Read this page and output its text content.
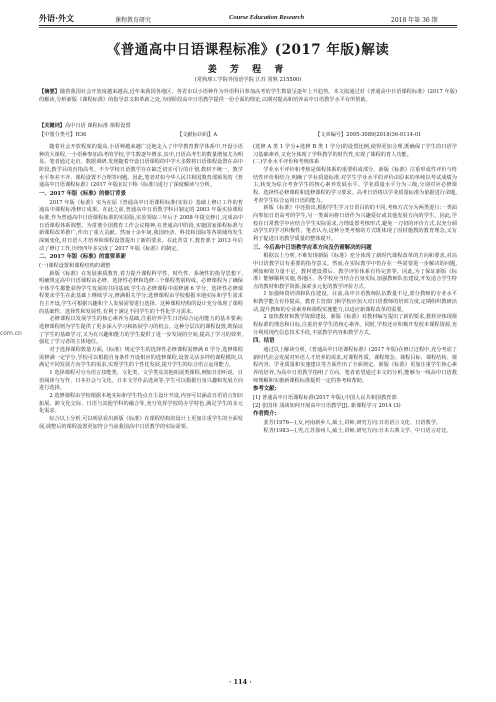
外语·外文	课程教育研究	Course Education Research	2018 年第 36 期
《普通高中日语课程标准》(2017 年版)解读
姜 芳 程 青
(常熟理工学院外国语学院 江苏 常熟 215500)
【摘要】随着我国社会开放度越来越高,近年来我国各地区、各省市以小语种作为外语科目参加高考的学生数量呈逐年上升趋势。本文拟通过对《普通高中日语课程标准》(2017 年版)的解读,分析新版《课程标准》的指导意义和革新之处,为现阶段高中日语教学提供一份全面的理论,以期对提高和培养高中日语教学水平有所帮助。
【关键词】高中日语 课程标准 课程设置
【中图分类号】H36	【文献标识码】A	【文章编号】2095-3089(2018)36-0114-01

随着社会开放程度的提高,小语种越来越广泛地走入了中学教育教学体系中,开设小语种的大课程,一小语种参加高考的学校,学生数逐年增多,其中,日语高考生的数量增加尤为明显。笔者通过走访、数据调研,发现随着开设日语课程的中学大多数将日语课程设置在高中阶段,教学目的直指高考。不少学校日语教学存在缺乏切实可行的计划,教材不统一、教学水平参差不齐、课程设置不合理等问题。因此,笔者对如今华人民共和国教育部颁发的《普通高中日语课程标准》(2017 年版)(以下称《标准》)进行了深度解读与分析。

一、2017 年版《标准》的修订背景

2017 年版《标准》实为在原《普通高中日语课程标准(实验)》基础上修订工作的普通高中课程标准修订成果。在此之前,普通高中日语教学科目制定的 2003 年版实验课程标准,作为普通高中日语课程标准的实验版,实验领取三年后于 2008 年提交修订,完成高中日语课程体系调整。为贯彻全国教育工作会议精神,在普通高中阶段,实施国家课程标准与新课程改革推广,作出了重大贡献。然而十余年间,我国经济、科技和国际等各领域均发生深刻变化,对日语人才培养和课程设置提出了新的要求。在此背景下,教育部于 2013 年启动了修订工作,历经四年多完成了 2017 年版《标准》的制定。

二、2017 年版《标准》的重要革新

(一)课程设置和课程结构的调整

新版《标准》在发展素质教育,着力提升课程科学性、时代性、系统性的指导思想下,明确规定高中日语课程由必修、选择性必修和选修三个课程类别构成。必修课程为了确保全体学生都能获得学生发展的共同基础,学生在必修课程中需修满 6 学分。选择性必修课程要求学生在此基础上继续学习,修满相关学分;选修课程由学校根据本地实际和学生需求自主开设,学生可根据兴趣和个人发展需要进行选择。这种课程结构的设计充分体现了课程的基础性、选择性和发展性,有利于满足不同学生的个性化学习需求。

必修课程以发展学生的核心素养为基础,注重培养学生日语综合运用能力的基本要素;选修课程则为学生提供了更多深入学习和拓展学习的机会。这种分层次的课程设置,既保证了学生的基础学习,又为有兴趣和能力的学生提供了进一步发展的空间,提高了学习的效率,强化了学习者的主体地位。

对于选择课程数量方面,《标准》规定学生的选择性必修课程需修满 6 学分,选修课程需修满一定学分,学校可以根据自身条件开设相应的选修课程,设置灵活多样的课程模块,以满足不同发展方向学生的需求,实现学生的个性化发展,提升学生的综合语言运用能力。

1 选择课程可分为语言技能类、文化类、文学类及其他拓展类课程,例如日语听说、日语阅读与写作、日本社会与文化、日本文学作品选读等,学生可以根据自身兴趣和发展方向进行选择。

2 选修课程由学校根据本地实际和学生特点自主设计开设,内容可以涵盖日语语言知识拓展、跨文化交际、日语与其他学科的融合等,充分发挥学校的办学特色,满足学生的多元化需求。

综合以上分析,可以明显看出新版《标准》在课程结构的设计上更加注重学生的全面发展,调整后的课程设置更加符合当前我国高中日语教学的实际需要。

(选修 A 类 1 学分+选修 B 类 1 学分)的设置比例,使得更加合理,既确保了学生的日语学习基础素养,又充分体现了学科教学的时代性,实现了课程的育人功能。

(二)学业水平评价和考核体系

学业水平评价和考核是课程体系的重要组成部分。新版《标准》注重形成性评价与终结性评价相结合,明确了学业质量标准,对学生学业水平的评价由原来的单纯以考试成绩为主,转变为综合考查学生的核心素养发展水平。学业质量水平分为三级,分别对应必修课程、选择性必修课程和选修课程的学习要求。高考日语将以学业质量标准为依据进行命题,考查学生综合运用日语的能力。

新版《标准》中还指出,根据学生学习日语目的的不同,考核方式分为两类进行:一类面向参加日语高考的学生,另一类面向将日语作为兴趣爱好或其他发展方向的学生。因此,学校在日常教学中应结合学生实际需求,合理设置考核形式,避免一刀切的评价方式,以充分调动学生的学习积极性。笔者认为,这种分类考核的方式既体现了因材施教的教育理念,又有利于促进日语教学质量的整体提升。

三、今后高中日语教学应革方向及仍需解决的问题

根据以上分析,不难发现新版《标准》充分体现了新时代课程改革的方向和要求,对高中日语教学具有重要的指导意义。然而,在实际教学中仍存在一些需要进一步解决的问题,例如师资力量不足、教材建设滞后、教学评价体系有待完善等。因此,为了保证新版《标准》能够顺利实施,各地区、各学校应当结合自身实际,加强教师队伍建设,开发适合学生特点的教材和教学资源,探索多元化的教学评价方式。

1 加强师资培训和队伍建设。目前,高中日语教师队伍数量不足,部分教师的专业水平和教学能力有待提高。教育主管部门和学校应加大对日语教师的培训力度,定期组织教研活动,提升教师的专业素养和课程实施能力,以适应新课程改革的需要。

2 加快教材和教学资源建设。新版《标准》对教材编写提出了新的要求,教材应体现课程标准的理念和目标,注重培养学生的核心素养。同时,学校还应积极开发校本课程资源,充分利用现代信息技术手段,丰富教学内容和教学方式。

四、结语

通过以上解读分析,《普通高中日语课程标准》(2017 年版)在修订过程中,充分考虑了新时代社会发展对外语人才培养的需求,对课程性质、课程理念、课程目标、课程结构、课程内容、学业质量和实施建议等方面作出了全面规定。新版《标准》更加注重学生核心素养的培养,为高中日语教学指明了方向。笔者希望通过本文的分析,能够为一线高中日语教师理解和实施新课程标准提供一定的参考和帮助。

参考文献:

[1] 普通高中日语课程标准(2017 年版),中国人民共和国教育部

[2] 张国伟 浅谈如何开展高中日语教学[J]. 新课程学习 2014 (3)

作者简介:

姜芳(1976—),女,河南新乡人,硕士,讲师,研究方向:日语语言文化、日语教学。

程青(1983—),男,江苏徐州人,硕士,讲师,研究方向:日本古典文学、中日语言对比。

com.cn
· 114 ·
